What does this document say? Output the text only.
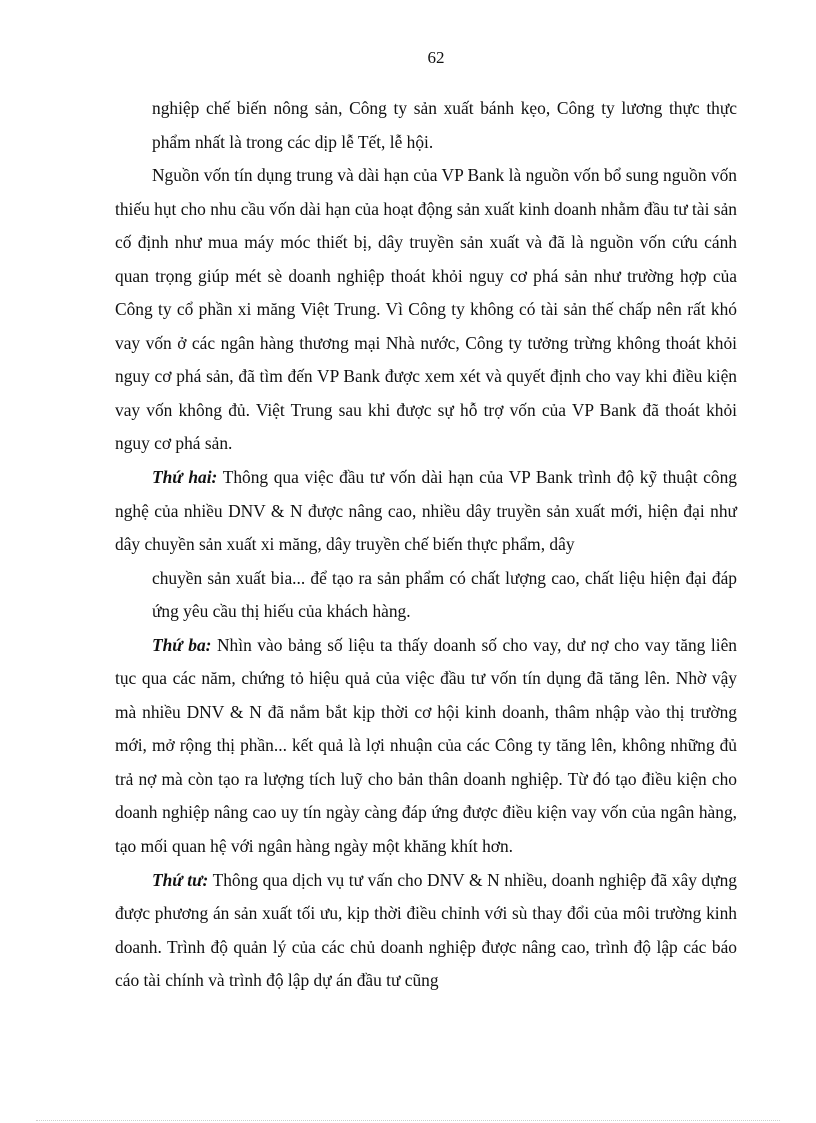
62

nghiệp chế biến nông sản, Công ty sản xuất bánh kẹo, Công ty lương thực thực phẩm nhất là trong các dịp lễ Tết, lễ hội.

Nguồn vốn tín dụng trung và dài hạn của VP Bank là nguồn vốn bổ sung nguồn vốn thiếu hụt cho nhu cầu vốn dài hạn của hoạt động sản xuất kinh doanh nhằm đầu tư tài sản cố định như mua máy móc thiết bị, dây truyền sản xuất và đã là nguồn vốn cứu cánh quan trọng giúp mét sè doanh nghiệp thoát khỏi nguy cơ phá sản như trường hợp của Công ty cổ phần xi măng Việt Trung. Vì Công ty không có tài sản thế chấp nên rất khó vay vốn ở các ngân hàng thương mại Nhà nước, Công ty tưởng trừng không thoát khỏi nguy cơ phá sản, đã tìm đến VP Bank được xem xét và quyết định cho vay khi điều kiện vay vốn không đủ. Việt Trung sau khi được sự hỗ trợ vốn của VP Bank đã thoát khỏi nguy cơ phá sản.

Thứ hai: Thông qua việc đầu tư vốn dài hạn của VP Bank trình độ kỹ thuật công nghệ của nhiều DNV & N được nâng cao, nhiều dây truyền sản xuất mới, hiện đại như dây chuyền sản xuất xi măng, dây truyền chế biến thực phẩm, dây

chuyền sản xuất bia... để tạo ra sản phẩm có chất lượng cao, chất liệu hiện đại đáp ứng yêu cầu thị hiếu của khách hàng.

Thứ ba: Nhìn vào bảng số liệu ta thấy doanh số cho vay, dư nợ cho vay tăng liên tục qua các năm, chứng tỏ hiệu quả của việc đầu tư vốn tín dụng đã tăng lên. Nhờ vậy mà nhiều DNV & N đã nắm bắt kịp thời cơ hội kinh doanh, thâm nhập vào thị trường mới, mở rộng thị phần... kết quả là lợi nhuận của các Công ty tăng lên, không những đủ trả nợ mà còn tạo ra lượng tích luỹ cho bản thân doanh nghiệp. Từ đó tạo điều kiện cho doanh nghiệp nâng cao uy tín ngày càng đáp ứng được điều kiện vay vốn của ngân hàng, tạo mối quan hệ với ngân hàng ngày một khăng khít hơn.

Thứ tư: Thông qua dịch vụ tư vấn cho DNV & N nhiều, doanh nghiệp đã xây dựng được phương án sản xuất tối ưu, kịp thời điều chỉnh với sù thay đổi của môi trường kinh doanh. Trình độ quản lý của các chủ doanh nghiệp được nâng cao, trình độ lập các báo cáo tài chính và trình độ lập dự án đầu tư cũng
